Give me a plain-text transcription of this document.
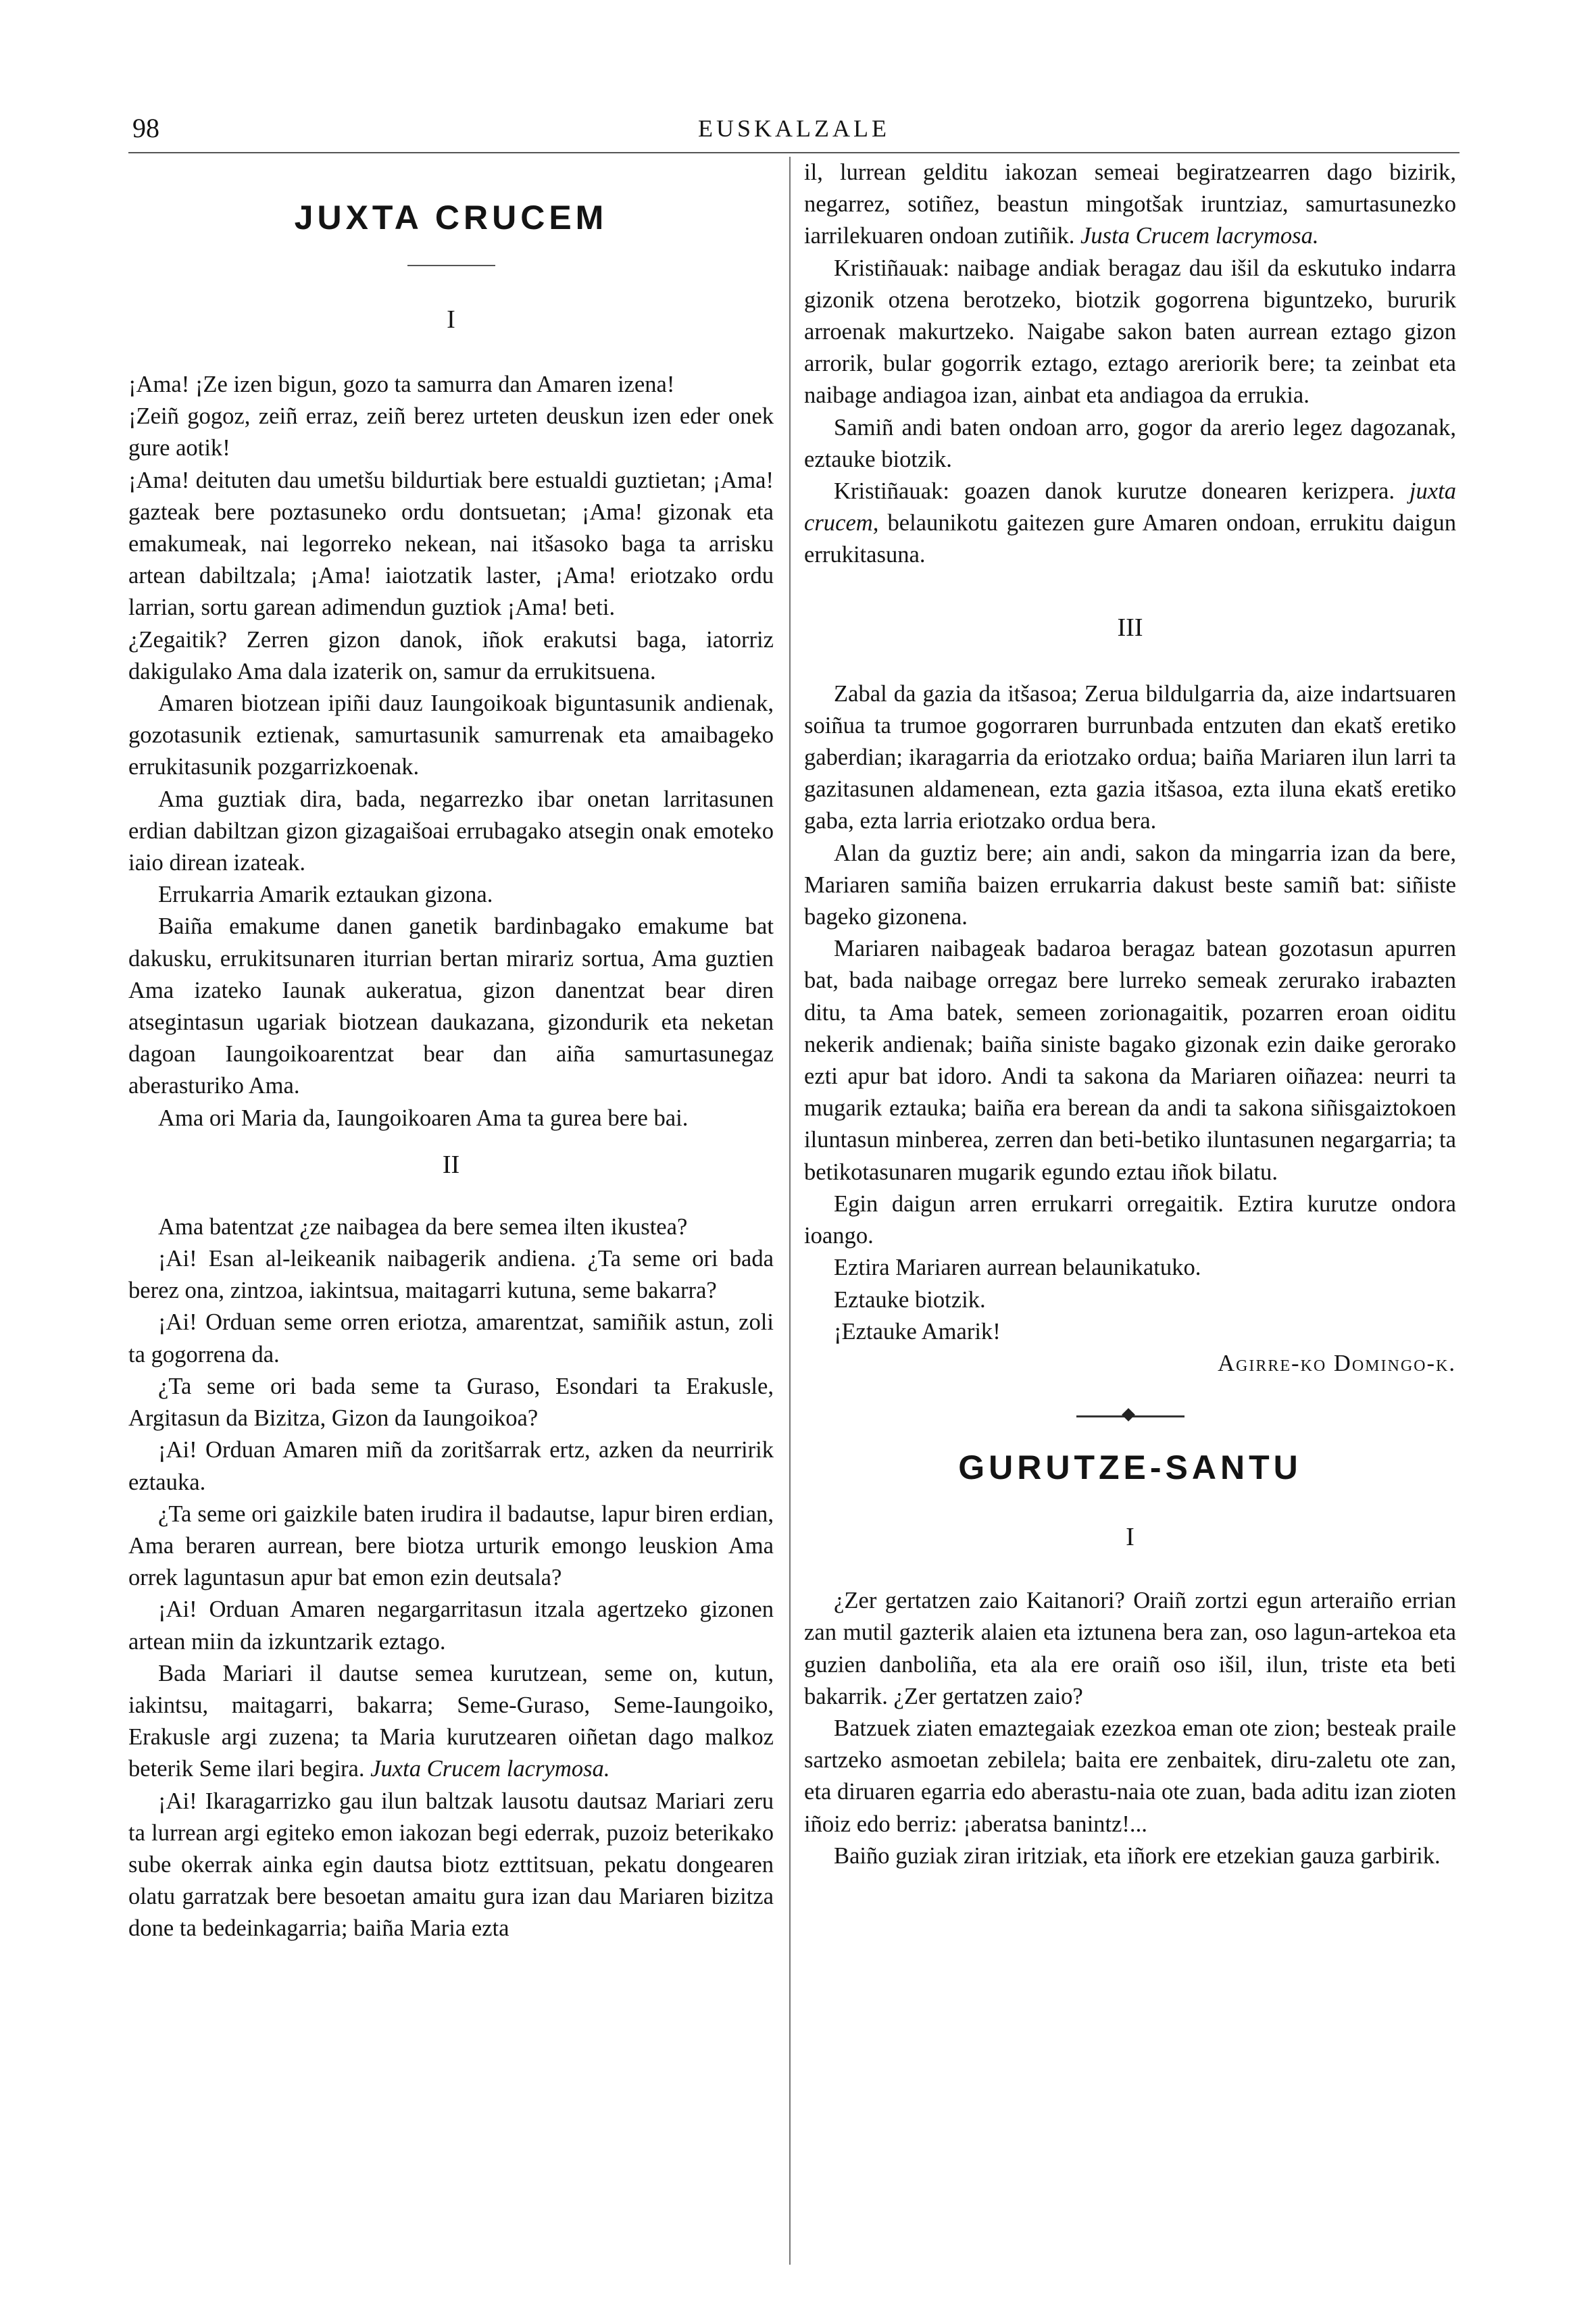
98	EUSKALZALE
JUXTA CRUCEM

I

¡Ama! ¡Ze izen bigun, gozo ta samurra dan Amaren izena!

¡Zeiñ gogoz, zeiñ erraz, zeiñ berez urteten deuskun izen eder onek gure aotik!

¡Ama! deituten dau umetšu bildurtiak bere estualdi guztietan; ¡Ama! gazteak bere poztasuneko ordu dontsuetan; ¡Ama! gizonak eta emakumeak, nai legorreko nekean, nai itšasoko baga ta arrisku artean dabiltzala; ¡Ama! iaiotzatik laster, ¡Ama! eriotzako ordu larrian, sortu garean adimendun guztiok ¡Ama! beti.

¿Zegaitik? Zerren gizon danok, iñok erakutsi baga, iatorriz dakigulako Ama dala izaterik on, samur da errukitsuena.

Amaren biotzean ipiñi dauz Iaungoikoak biguntasunik andienak, gozotasunik eztienak, samurtasunik samurrenak eta amaibageko errukitasunik pozgarrizkoenak.

Ama guztiak dira, bada, negarrezko ibar onetan larritasunen erdian dabiltzan gizon gizagaišoai errubagako atsegin onak emoteko iaio direan izateak.

Errukarria Amarik eztaukan gizona.

Baiña emakume danen ganetik bardinbagako emakume bat dakusku, errukitsunaren iturrian bertan mirariz sortua, Ama guztien Ama izateko Iaunak aukeratua, gizon danentzat bear diren atsegintasun ugariak biotzean daukazana, gizondurik eta neketan dagoan Iaungoikoarentzat bear dan aiña samurtasunegaz aberasturiko Ama.

Ama ori Maria da, Iaungoikoaren Ama ta gurea bere bai.

II

Ama batentzat ¿ze naibagea da bere semea ilten ikustea?

¡Ai! Esan al-leikeanik naibagerik andiena. ¿Ta seme ori bada berez ona, zintzoa, iakintsua, maitagarri kutuna, seme bakarra?

¡Ai! Orduan seme orren eriotza, amarentzat, samiñik astun, zoli ta gogorrena da.

¿Ta seme ori bada seme ta Guraso, Esondari ta Erakusle, Argitasun da Bizitza, Gizon da Iaungoikoa?

¡Ai! Orduan Amaren miñ da zoritšarrak ertz, azken da neurririk eztauka.

¿Ta seme ori gaizkile baten irudira il badautse, lapur biren erdian, Ama beraren aurrean, bere biotza urturik emongo leuskion Ama orrek laguntasun apur bat emon ezin deutsala?

¡Ai! Orduan Amaren negargarritasun itzala agertzeko gizonen artean miin da izkuntzarik eztago.

Bada Mariari il dautse semea kurutzean, seme on, kutun, iakintsu, maitagarri, bakarra; Seme-Guraso, Seme-Iaungoiko, Erakusle argi zuzena; ta Maria kurutzearen oiñetan dago malkoz beterik Seme ilari begira. Juxta Crucem lacrymosa.

¡Ai! Ikaragarrizko gau ilun baltzak lausotu dautsaz Mariari zeru ta lurrean argi egiteko emon iakozan begi ederrak, puzoiz beterikako sube okerrak ainka egin dautsa biotz ezttitsuan, pekatu dongearen olatu garratzak bere besoetan amaitu gura izan dau Mariaren bizitza done ta bedeinkagarria; baiña Maria ezta

il, lurrean gelditu iakozan semeai begiratzearren dago bizirik, negarrez, sotiñez, beastun mingotšak iruntziaz, samurtasunezko iarrilekuaren ondoan zutiñik. Justa Crucem lacrymosa.

Kristiñauak: naibage andiak beragaz dau išil da eskutuko indarra gizonik otzena berotzeko, biotzik gogorrena biguntzeko, bururik arroenak makurtzeko. Naigabe sakon baten aurrean eztago gizon arrorik, bular gogorrik eztago, eztago areriorik bere; ta zeinbat eta naibage andiagoa izan, ainbat eta andiagoa da errukia.

Samiñ andi baten ondoan arro, gogor da arerio legez dagozanak, eztauke biotzik.

Kristiñauak: goazen danok kurutze donearen kerizpera. juxta crucem, belaunikotu gaitezen gure Amaren ondoan, errukitu daigun errukitasuna.

III

Zabal da gazia da itšasoa; Zerua bildulgarria da, aize indartsuaren soiñua ta trumoe gogorraren burrunbada entzuten dan ekatš eretiko gaberdian; ikaragarria da eriotzako ordua; baiña Mariaren ilun larri ta gazitasunen aldamenean, ezta gazia itšasoa, ezta iluna ekatš eretiko gaba, ezta larria eriotzako ordua bera.

Alan da guztiz bere; ain andi, sakon da mingarria izan da bere, Mariaren samiña baizen errukarria dakust beste samiñ bat: siñiste bageko gizonena.

Mariaren naibageak badaroa beragaz batean gozotasun apurren bat, bada naibage orregaz bere lurreko semeak zerurako irabazten ditu, ta Ama batek, semeen zorionagaitik, pozarren eroan oiditu nekerik andienak; baiña siniste bagako gizonak ezin daike gerorako ezti apur bat idoro. Andi ta sakona da Mariaren oiñazea: neurri ta mugarik eztauka; baiña era berean da andi ta sakona siñisgaiztokoen iluntasun minberea, zerren dan beti-betiko iluntasunen negargarria; ta betikotasunaren mugarik egundo eztau iñok bilatu.

Egin daigun arren errukarri orregaitik. Eztira kurutze ondora ioango.

Eztira Mariaren aurrean belaunikatuko.

Eztauke biotzik.

¡Eztauke Amarik!

Agirre-ko Domingo-k.

GURUTZE-SANTU

I

¿Zer gertatzen zaio Kaitanori? Oraiñ zortzi egun arteraiño errian zan mutil gazterik alaien eta iztunena bera zan, oso lagun-artekoa eta guzien danboliña, eta ala ere oraiñ oso išil, ilun, triste eta beti bakarrik. ¿Zer gertatzen zaio?

Batzuek ziaten emaztegaiak ezezkoa eman ote zion; besteak praile sartzeko asmoetan zebilela; baita ere zenbaitek, diru-zaletu ote zan, eta diruaren egarria edo aberastu-naia ote zuan, bada aditu izan zioten iñoiz edo berriz: ¡aberatsa banintz!...

Baiño guziak ziran iritziak, eta iñork ere etzekian gauza garbirik.
